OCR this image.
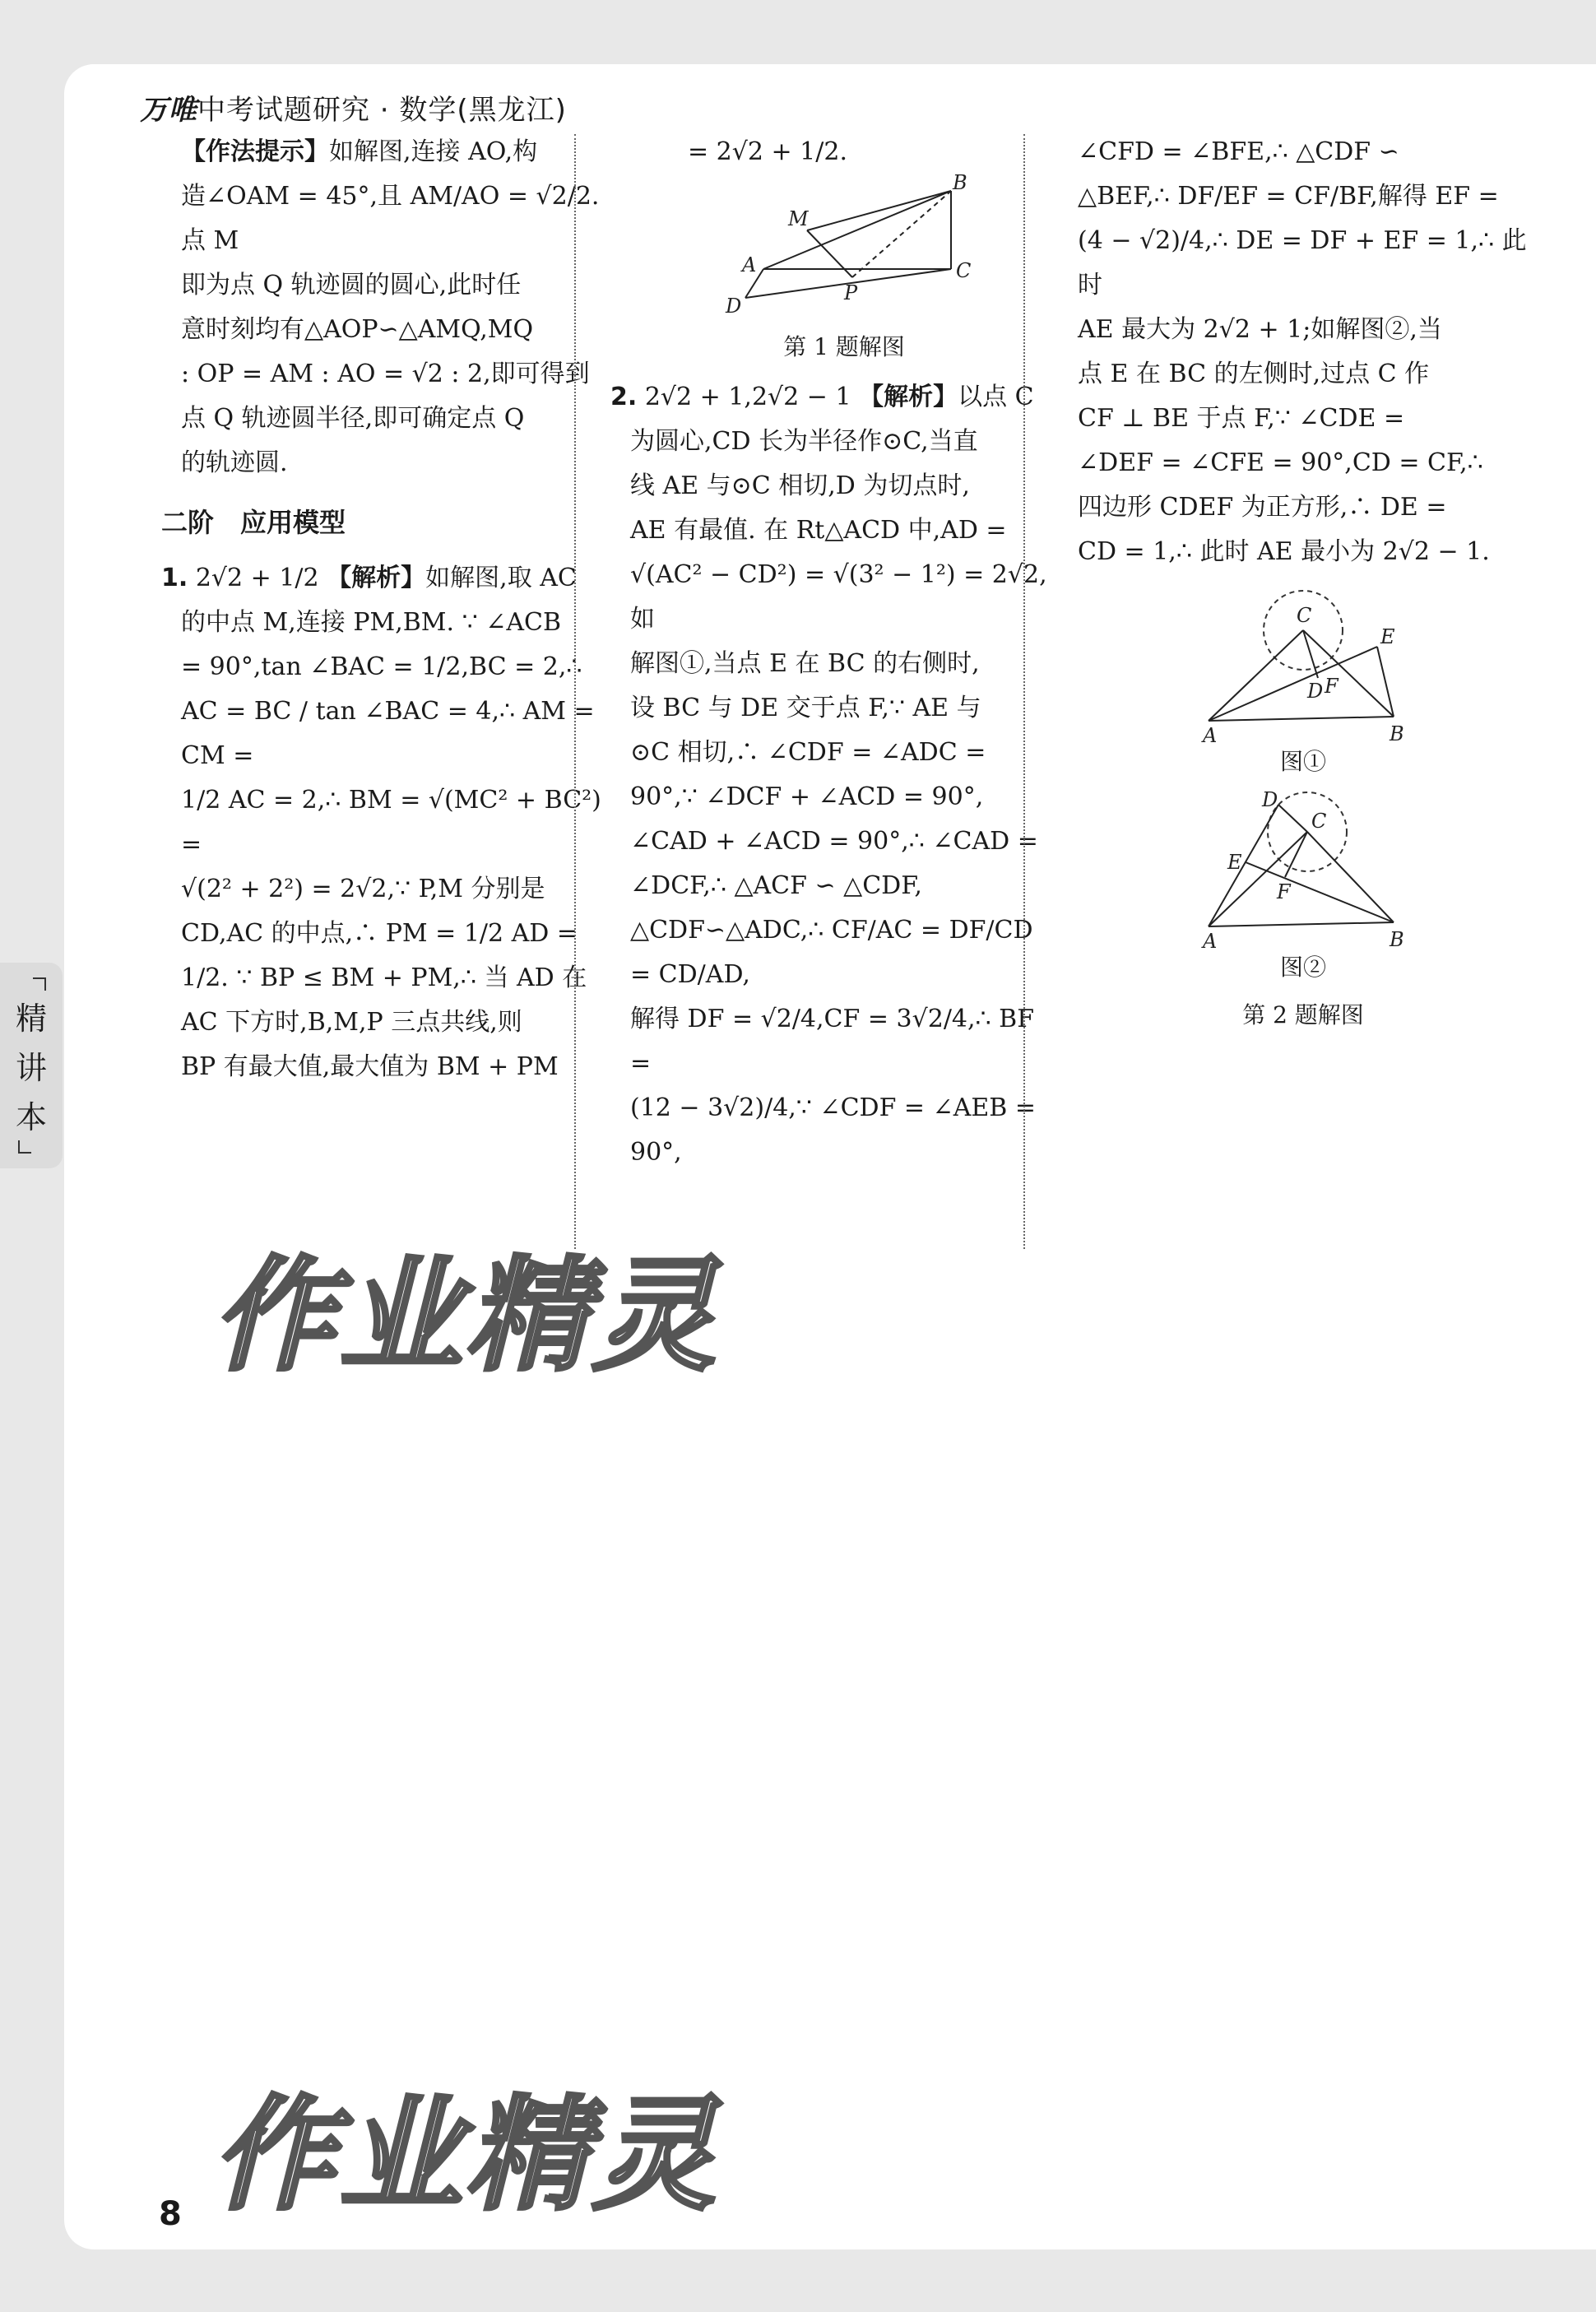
万唯中考试题研究 · 数学(黑龙江)

【作法提示】如解图,连接 AO,构

造∠OAM = 45°,且 AM/AO = √2/2. 点 M

即为点 Q 轨迹圆的圆心,此时任

意时刻均有△AOP∽△AMQ,MQ

: OP = AM : AO = √2 : 2,即可得到

点 Q 轨迹圆半径,即可确定点 Q

的轨迹圆.

二阶　应用模型

1. 2√2 + 1/2 【解析】如解图,取 AC

的中点 M,连接 PM,BM. ∵ ∠ACB

= 90°,tan ∠BAC = 1/2,BC = 2,∴

AC = BC / tan ∠BAC = 4,∴ AM = CM =

1/2 AC = 2,∴ BM = √(MC² + BC²) =

√(2² + 2²) = 2√2,∵ P,M 分别是

CD,AC 的中点,∴ PM = 1/2 AD =

1/2. ∵ BP ≤ BM + PM,∴ 当 AD 在

AC 下方时,B,M,P 三点共线,则

BP 有最大值,最大值为 BM + PM

= 2√2 + 1/2.

A
B
C
D
M
P

第 1 题解图

2. 2√2 + 1,2√2 − 1 【解析】以点 C

为圆心,CD 长为半径作⊙C,当直

线 AE 与⊙C 相切,D 为切点时,

AE 有最值. 在 Rt△ACD 中,AD =

√(AC² − CD²) = √(3² − 1²) = 2√2,如

解图①,当点 E 在 BC 的右侧时,

设 BC 与 DE 交于点 F,∵ AE 与

⊙C 相切,∴ ∠CDF = ∠ADC =

90°,∵ ∠DCF + ∠ACD = 90°,

∠CAD + ∠ACD = 90°,∴ ∠CAD =

∠DCF,∴ △ACF ∽ △CDF,

△CDF∽△ADC,∴ CF/AC = DF/CD = CD/AD,

解得 DF = √2/4,CF = 3√2/4,∴ BF =

(12 − 3√2)/4,∵ ∠CDF = ∠AEB = 90°,

∠CFD = ∠BFE,∴ △CDF ∽

△BEF,∴ DF/EF = CF/BF,解得 EF =

(4 − √2)/4,∴ DE = DF + EF = 1,∴ 此时

AE 最大为 2√2 + 1;如解图②,当

点 E 在 BC 的左侧时,过点 C 作

CF ⊥ BE 于点 F,∵ ∠CDE =

∠DEF = ∠CFE = 90°,CD = CF,∴

四边形 CDEF 为正方形,∴ DE =

CD = 1,∴ 此时 AE 最小为 2√2 − 1.

A	B
C
D
E
F

图①

A	B
C
D
E
F

图②

第 2 题解图

作业精灵
作业精灵
8
精讲本
